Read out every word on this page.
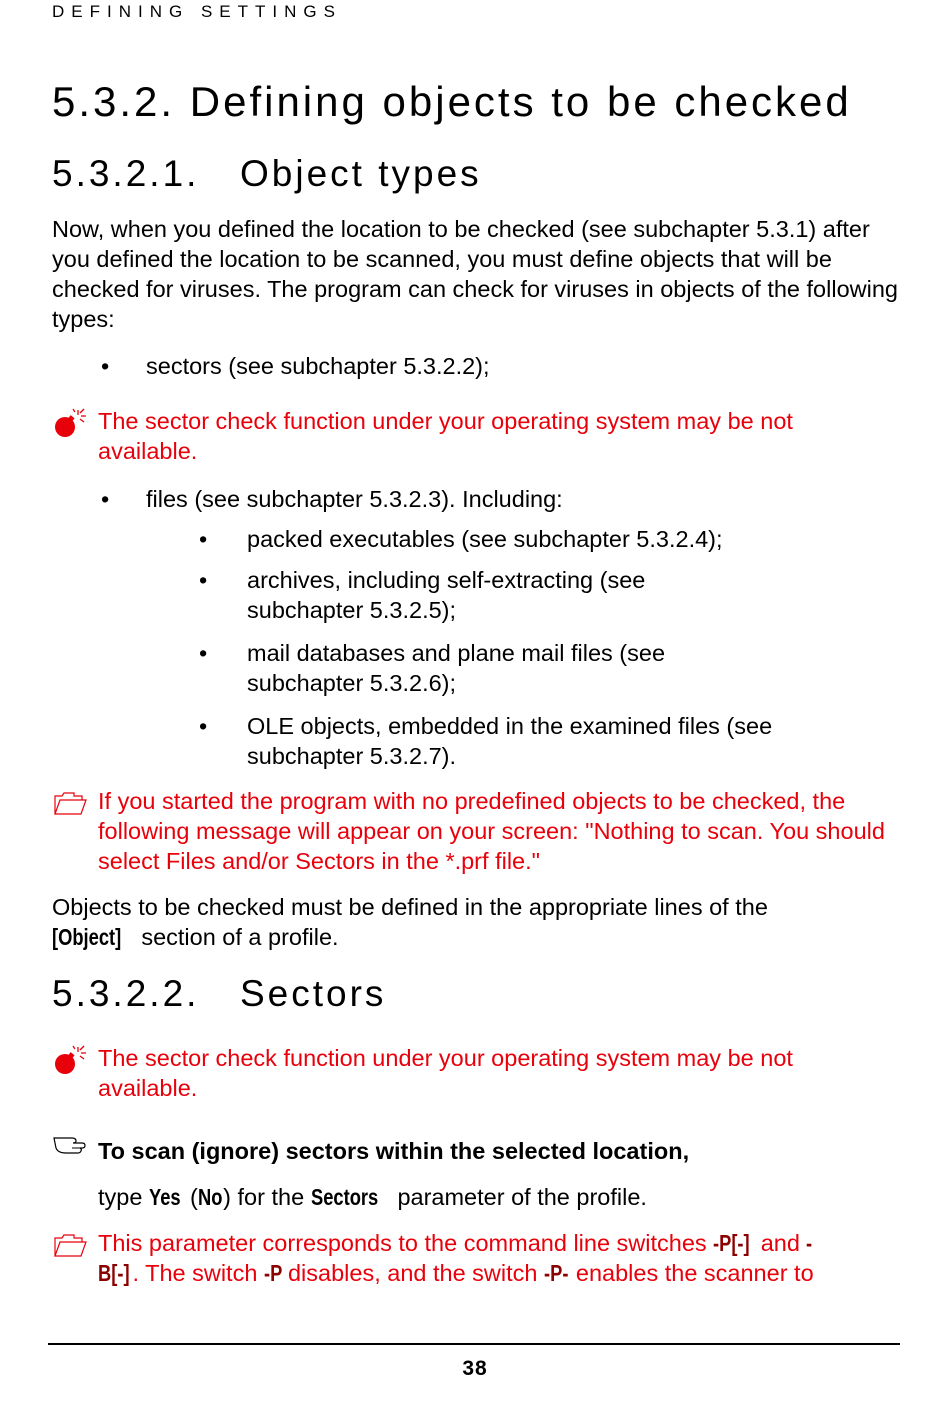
DEFINING SETTINGS
5.3.2. Defining objects to be checked
5.3.2.1. Object types
Now, when you defined the location to be checked (see subchapter 5.3.1) after you defined the location to be scanned, you must define objects that will be checked for viruses. The program can check for viruses in objects of the following types:
• sectors (see subchapter 5.3.2.2);
The sector check function under your operating system may be not available.
• files (see subchapter 5.3.2.3). Including:
• packed executables (see subchapter 5.3.2.4);
• archives, including self-extracting (see subchapter 5.3.2.5);
• mail databases and plane mail files (see subchapter 5.3.2.6);
• OLE objects, embedded in the examined files (see subchapter 5.3.2.7).
If you started the program with no predefined objects to be checked, the following message will appear on your screen: "Nothing to scan. You should select Files and/or Sectors in the *.prf file."
Objects to be checked must be defined in the appropriate lines of the
[Object] section of a profile.
5.3.2.2. Sectors
The sector check function under your operating system may be not available.
To scan (ignore) sectors within the selected location,
type Yes (No) for the Sectors parameter of the profile.
This parameter corresponds to the command line switches -P[-] and -
B[-] . The switch -P disables, and the switch -P- enables the scanner to
38
